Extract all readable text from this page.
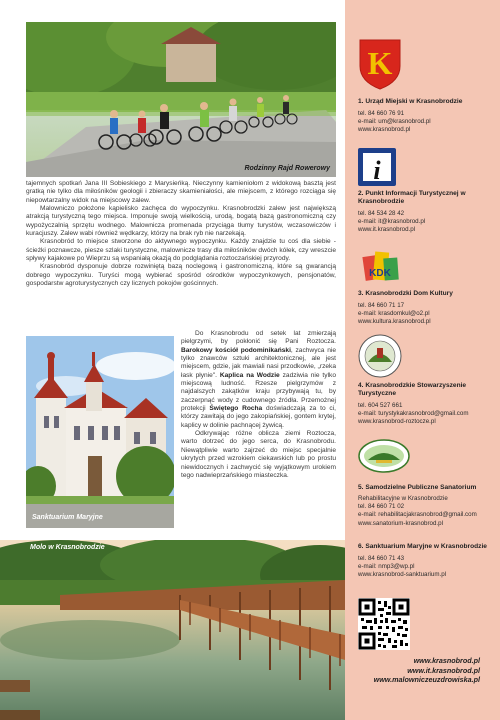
Rodzinny Rajd Rowerowy

tajemnych spotkań Jana III Sobieskiego z Marysieńką. Nieczynny kamieniołom z widokową basztą jest gratką nie tylko dla miłośników geologii i zbieraczy skamieniałości, ale miejscem, z którego rozciąga się niepowtarzalny widok na miejscowy zalew.

Malowniczo położone kąpielisko zachęca do wypoczynku. Krasnobrodzki zalew jest największą atrakcją turystyczną tego miejsca. Imponuje swoją wielkością, urodą, bogatą bazą gastronomiczną czy wypożyczalnią sprzętu wodnego. Malownicza promenada przyciąga tłumy turystów, wczasowiczów i kuracjuszy. Zalew wabi również wędkarzy, którzy na brak ryb nie narzekają.

Krasnobród to miejsce stworzone do aktywnego wypoczynku. Każdy znajdzie tu coś dla siebie - ścieżki poznawcze, piesze szlaki turystyczne, malownicze trasy dla miłośników dwóch kółek, czy wreszcie spływy kajakowe po Wieprzu są wspaniałą okazją do podglądania roztoczańskiej przyrody.

Krasnobród dysponuje dobrze rozwiniętą bazą noclegową i gastronomiczną, które są gwarancją dobrego wypoczynku. Turyści mogą wybierać spośród ośrodków wypoczynkowych, pensjonatów, gospodarstw agroturystycznych czy licznych pokojów gościnnych.

Sanktuarium Maryjne

Do Krasnobrodu od setek lat zmierzają pielgrzymi, by pokłonić się Pani Roztocza. Barokowy kościół podominikański, zachwyca nie tylko znawców sztuki architektonicznej, ale jest miejscem, gdzie, jak mawiali nasi przodkowie, „rzeka łask płynie". Kaplica na Wodzie zadziwia nie tylko miejscową ludność. Rzesze pielgrzymów z najdalszych zakątków kraju przybywają tu, by zaczerpnąć wody z cudownego źródła. Przemożnej protekcji Świętego Rocha doświadczają za to ci, którzy zawitają do jego zakopiańskiej, gontem krytej, kaplicy w dolinie pachnącej żywicą.

Odkrywając różne oblicza ziemi Roztocza, warto dotrzeć do jego serca, do Krasnobrodu. Niewątpliwie warto zajrzeć do miejsc specjalnie ukrytych przed wzrokiem ciekawskich lub po prostu niewidocznych i zachwycić się wyjątkowym urokiem tego nadwieprzańskiego miasteczka.

Molo w Krasnobrodzie
K
1. Urząd Miejski w Krasnobrodzie
tel. 84 660 76 91
e-mail: um@krasnobrod.pl
www.krasnobrod.pl
i
2. Punkt Informacji Turystycznej w Krasnobrodzie
tel. 84 534 28 42
e-mail: it@krasnobrod.pl
www.it.krasnobrod.pl
KDK
3. Krasnobrodzki Dom Kultury
tel. 84 660 71 17
e-mail: krasdomkul@o2.pl
www.kultura.krasnobrod.pl
4. Krasnobrodzkie Stowarzyszenie Turystyczne
tel. 604 527 661
e-mail: turystykakrasnobrod@gmail.com
www.krasnobrod-roztocze.pl
5. Samodzielne Publiczne Sanatorium
Rehabilitacyjne w Krasnobrodzie
tel. 84 660 71 02
e-mail: rehabilitacjakrasnobrod@gmail.com
www.sanatorium-krasnobrod.pl
6. Sanktuarium Maryjne w Krasnobrodzie
tel. 84 660 71 43
e-mail: nmp3@wp.pl
www.krasnobrod-sanktuarium.pl
www.krasnobrod.pl
www.it.krasnobrod.pl
www.malowniczeuzdrowiska.pl
